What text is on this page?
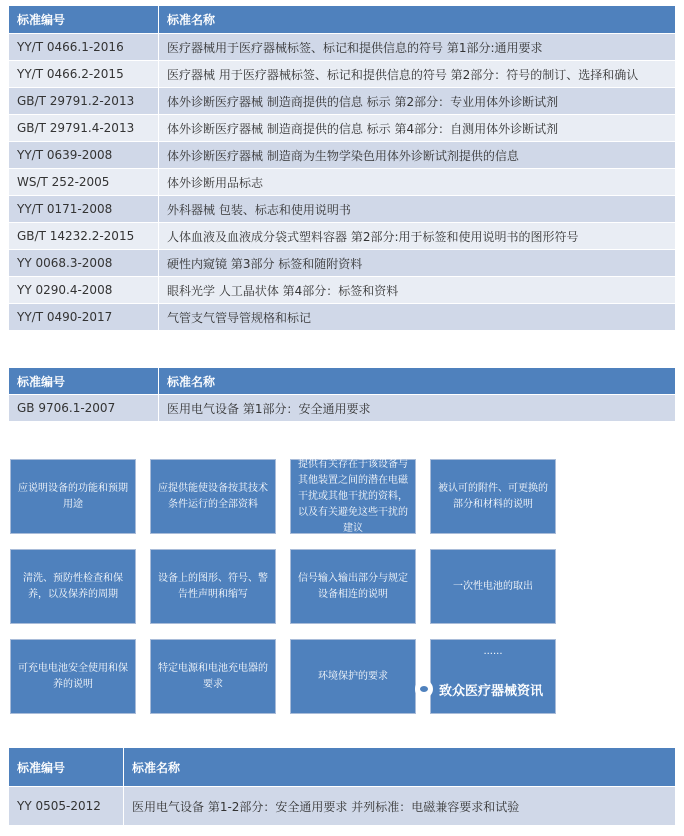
标准编号	标准名称
YY/T 0466.1-2016	医疗器械用于医疗器械标签、标记和提供信息的符号 第1部分:通用要求
YY/T 0466.2-2015	医疗器械 用于医疗器械标签、标记和提供信息的符号 第2部分：符号的制订、选择和确认
GB/T 29791.2-2013	体外诊断医疗器械 制造商提供的信息 标示 第2部分：专业用体外诊断试剂
GB/T 29791.4-2013	体外诊断医疗器械 制造商提供的信息 标示 第4部分：自测用体外诊断试剂
YY/T 0639-2008	体外诊断医疗器械 制造商为生物学染色用体外诊断试剂提供的信息
WS/T 252-2005	体外诊断用品标志
YY/T 0171-2008	外科器械 包装、标志和使用说明书
GB/T 14232.2-2015	人体血液及血液成分袋式塑料容器 第2部分:用于标签和使用说明书的图形符号
YY 0068.3-2008	硬性内窥镜 第3部分 标签和随附资料
YY 0290.4-2008	眼科光学 人工晶状体 第4部分：标签和资料
YY/T 0490-2017	气管支气管导管规格和标记
标准编号	标准名称
GB 9706.1-2007	医用电气设备 第1部分：安全通用要求
应说明设备的功能和预期用途
应提供能使设备按其技术条件运行的全部资料
提供有关存在于该设备与其他装置之间的潜在电磁干扰或其他干扰的资料，以及有关避免这些干扰的建议
被认可的附件、可更换的部分和材料的说明
清洗、预防性检查和保养，以及保养的周期
设备上的图形、符号、警告性声明和缩写
信号输入输出部分与规定设备相连的说明
一次性电池的取出
可充电电池安全使用和保养的说明
特定电源和电池充电器的要求
环境保护的要求
......
致众医疗器械资讯
标准编号	标准名称
YY 0505-2012	医用电气设备 第1-2部分：安全通用要求 并列标准：电磁兼容要求和试验
